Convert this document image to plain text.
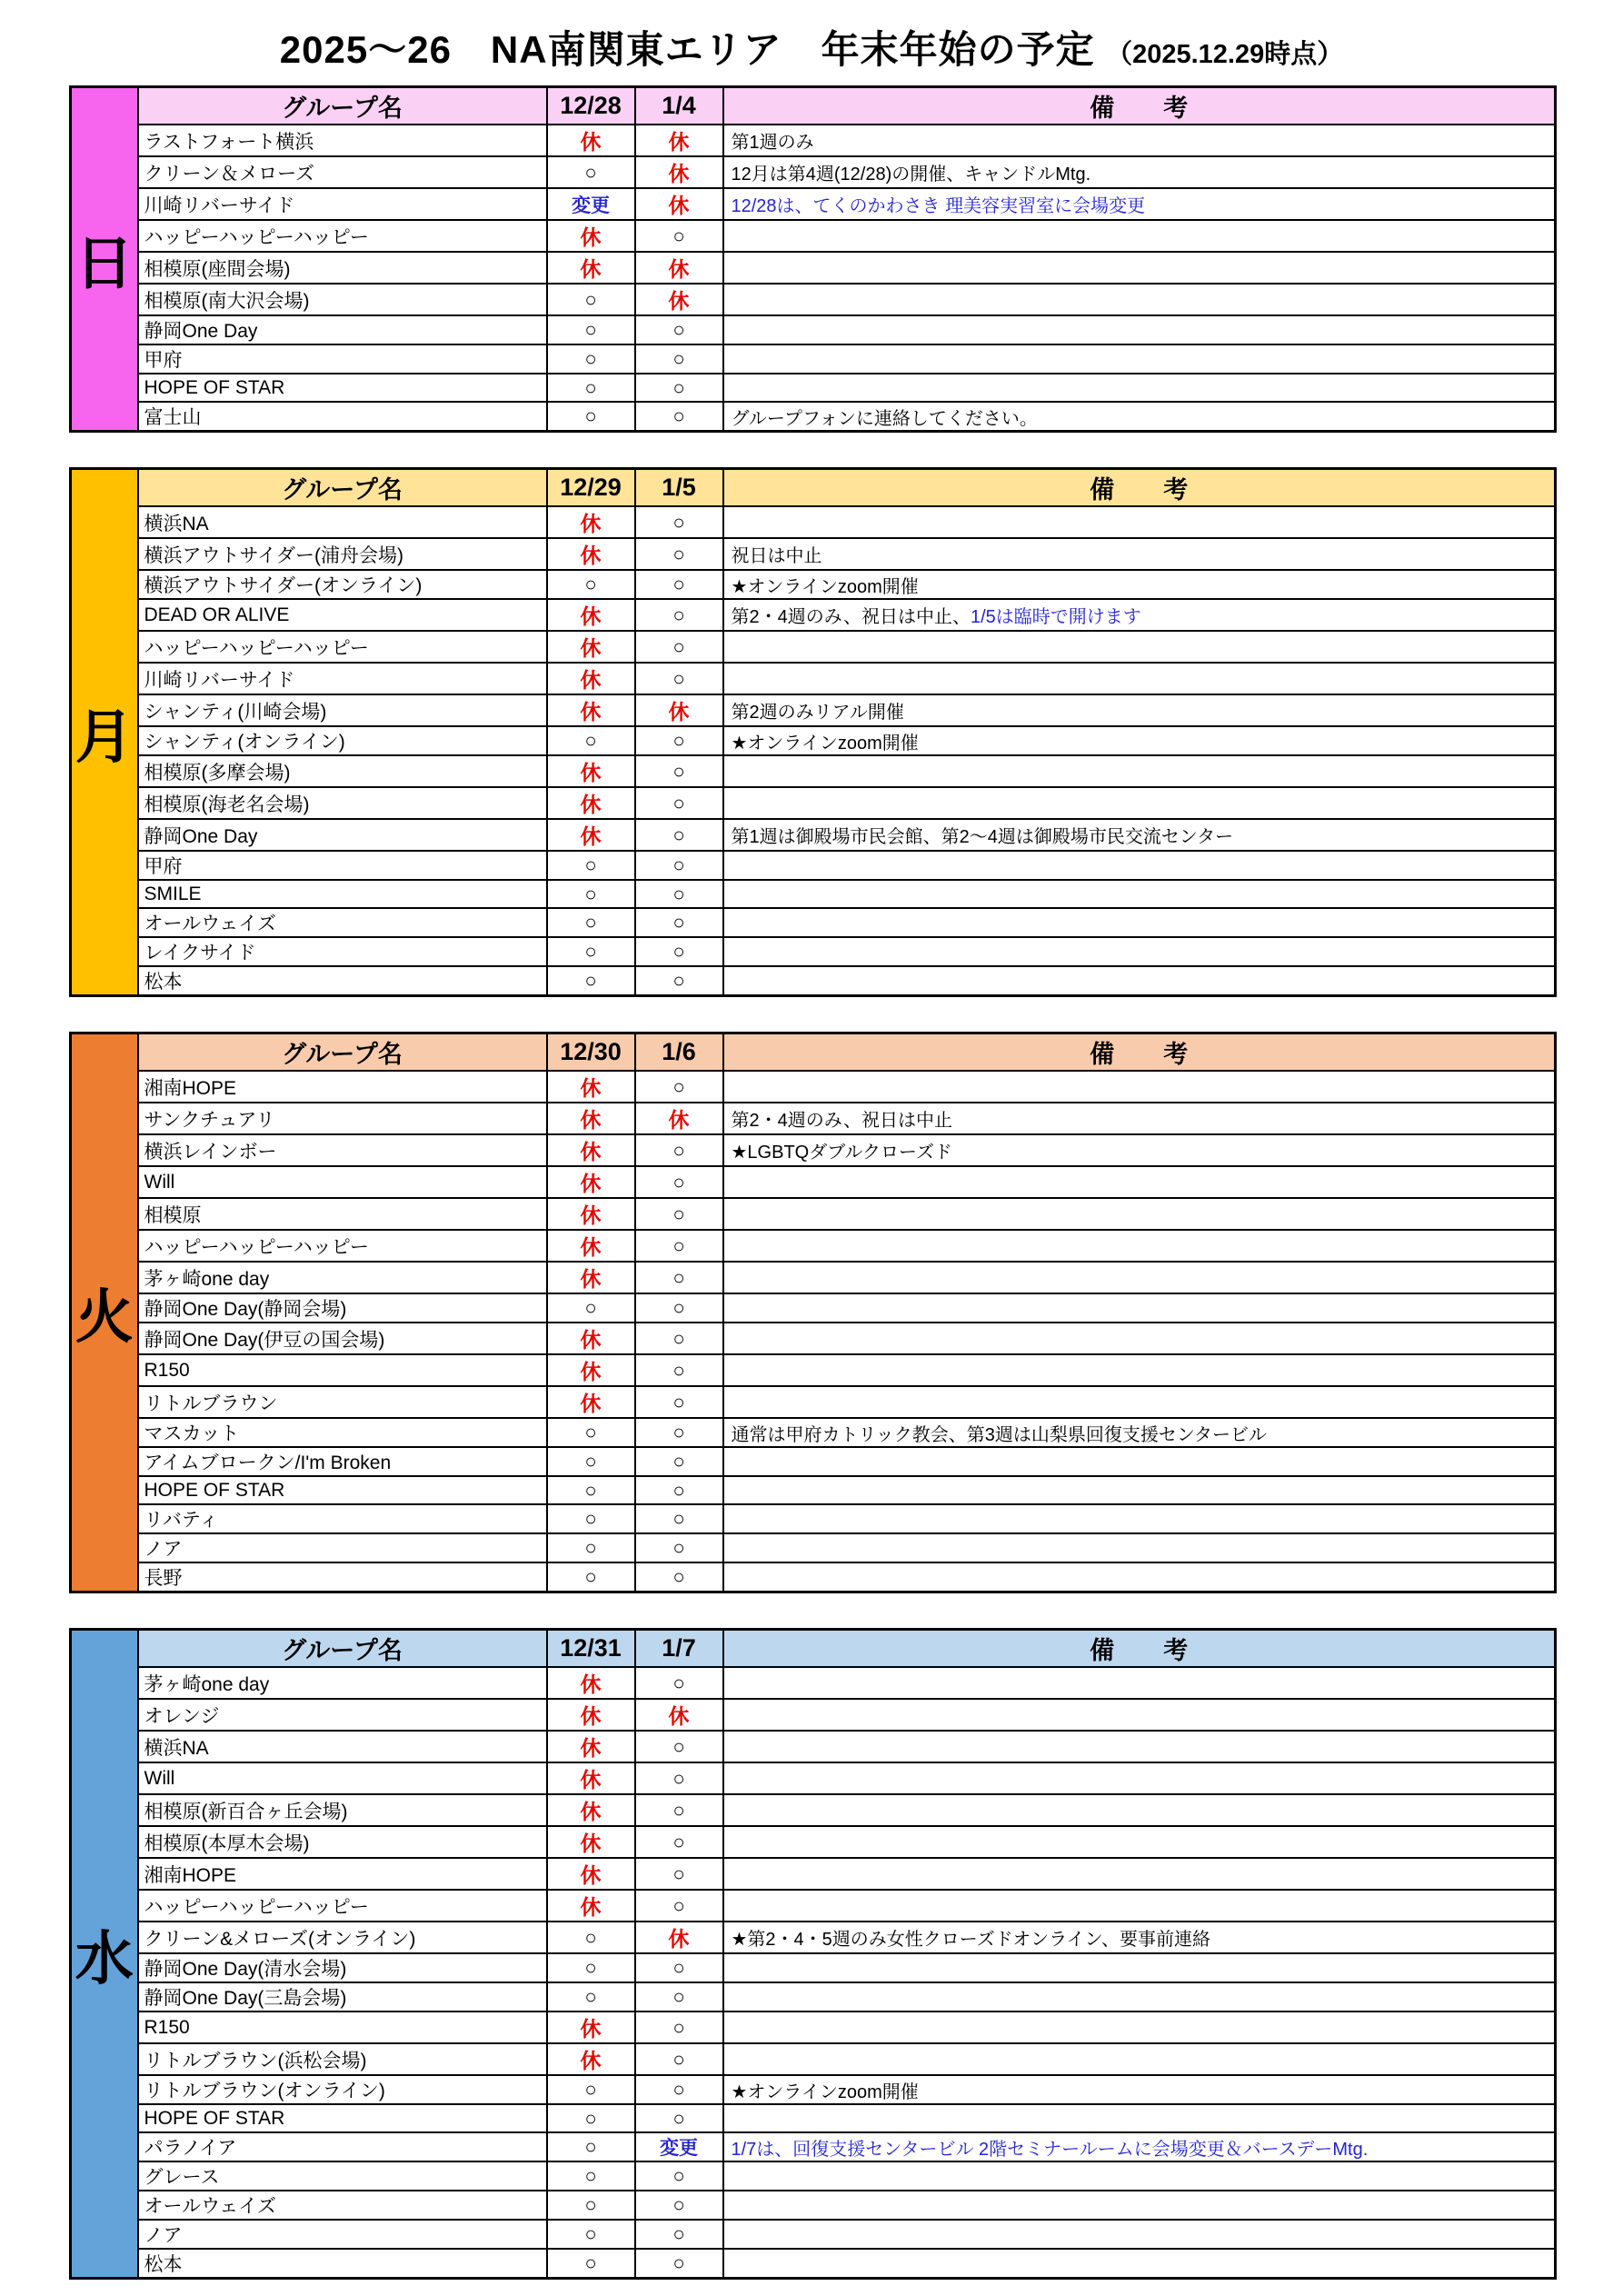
2025～26　NA南関東エリア　年末年始の予定 （2025.12.29時点）
日	グループ名	12/28	1/4	備　　考
	ラストフォート横浜	休	休	第1週のみ
	クリーン＆メローズ	○	休	12月は第4週(12/28)の開催、キャンドルMtg.
	川崎リバーサイド	変更	休	12/28は、てくのかわさき 理美容実習室に会場変更
	ハッピーハッピーハッピー	休	○	
	相模原(座間会場)	休	休	
	相模原(南大沢会場)	○	休	
	静岡One Day	○	○	
	甲府	○	○	
	HOPE OF STAR	○	○	
	富士山	○	○	グループフォンに連絡してください。
月	グループ名	12/29	1/5	備　　考
	横浜NA	休	○	
	横浜アウトサイダー(浦舟会場)	休	○	祝日は中止
	横浜アウトサイダー(オンライン)	○	○	★オンラインzoom開催
	DEAD OR ALIVE	休	○	第2・4週のみ、祝日は中止、1/5は臨時で開けます
	ハッピーハッピーハッピー	休	○	
	川崎リバーサイド	休	○	
	シャンティ(川崎会場)	休	休	第2週のみリアル開催
	シャンティ(オンライン)	○	○	★オンラインzoom開催
	相模原(多摩会場)	休	○	
	相模原(海老名会場)	休	○	
	静岡One Day	休	○	第1週は御殿場市民会館、第2～4週は御殿場市民交流センター
	甲府	○	○	
	SMILE	○	○	
	オールウェイズ	○	○	
	レイクサイド	○	○	
	松本	○	○	
火	グループ名	12/30	1/6	備　　考
	湘南HOPE	休	○	
	サンクチュアリ	休	休	第2・4週のみ、祝日は中止
	横浜レインボー	休	○	★LGBTQダブルクローズド
	Will	休	○	
	相模原	休	○	
	ハッピーハッピーハッピー	休	○	
	茅ヶ崎one day	休	○	
	静岡One Day(静岡会場)	○	○	
	静岡One Day(伊豆の国会場)	休	○	
	R150	休	○	
	リトルブラウン	休	○	
	マスカット	○	○	通常は甲府カトリック教会、第3週は山梨県回復支援センタービル
	アイムブロークン/I'm Broken	○	○	
	HOPE OF STAR	○	○	
	リバティ	○	○	
	ノア	○	○	
	長野	○	○	
水	グループ名	12/31	1/7	備　　考
	茅ヶ崎one day	休	○	
	オレンジ	休	休	
	横浜NA	休	○	
	Will	休	○	
	相模原(新百合ヶ丘会場)	休	○	
	相模原(本厚木会場)	休	○	
	湘南HOPE	休	○	
	ハッピーハッピーハッピー	休	○	
	クリーン&メローズ(オンライン)	○	休	★第2・4・5週のみ女性クローズドオンライン、要事前連絡
	静岡One Day(清水会場)	○	○	
	静岡One Day(三島会場)	○	○	
	R150	休	○	
	リトルブラウン(浜松会場)	休	○	
	リトルブラウン(オンライン)	○	○	★オンラインzoom開催
	HOPE OF STAR	○	○	
	パラノイア	○	変更	1/7は、回復支援センタービル 2階セミナールームに会場変更＆バースデーMtg.
	グレース	○	○	
	オールウェイズ	○	○	
	ノア	○	○	
	松本	○	○	
